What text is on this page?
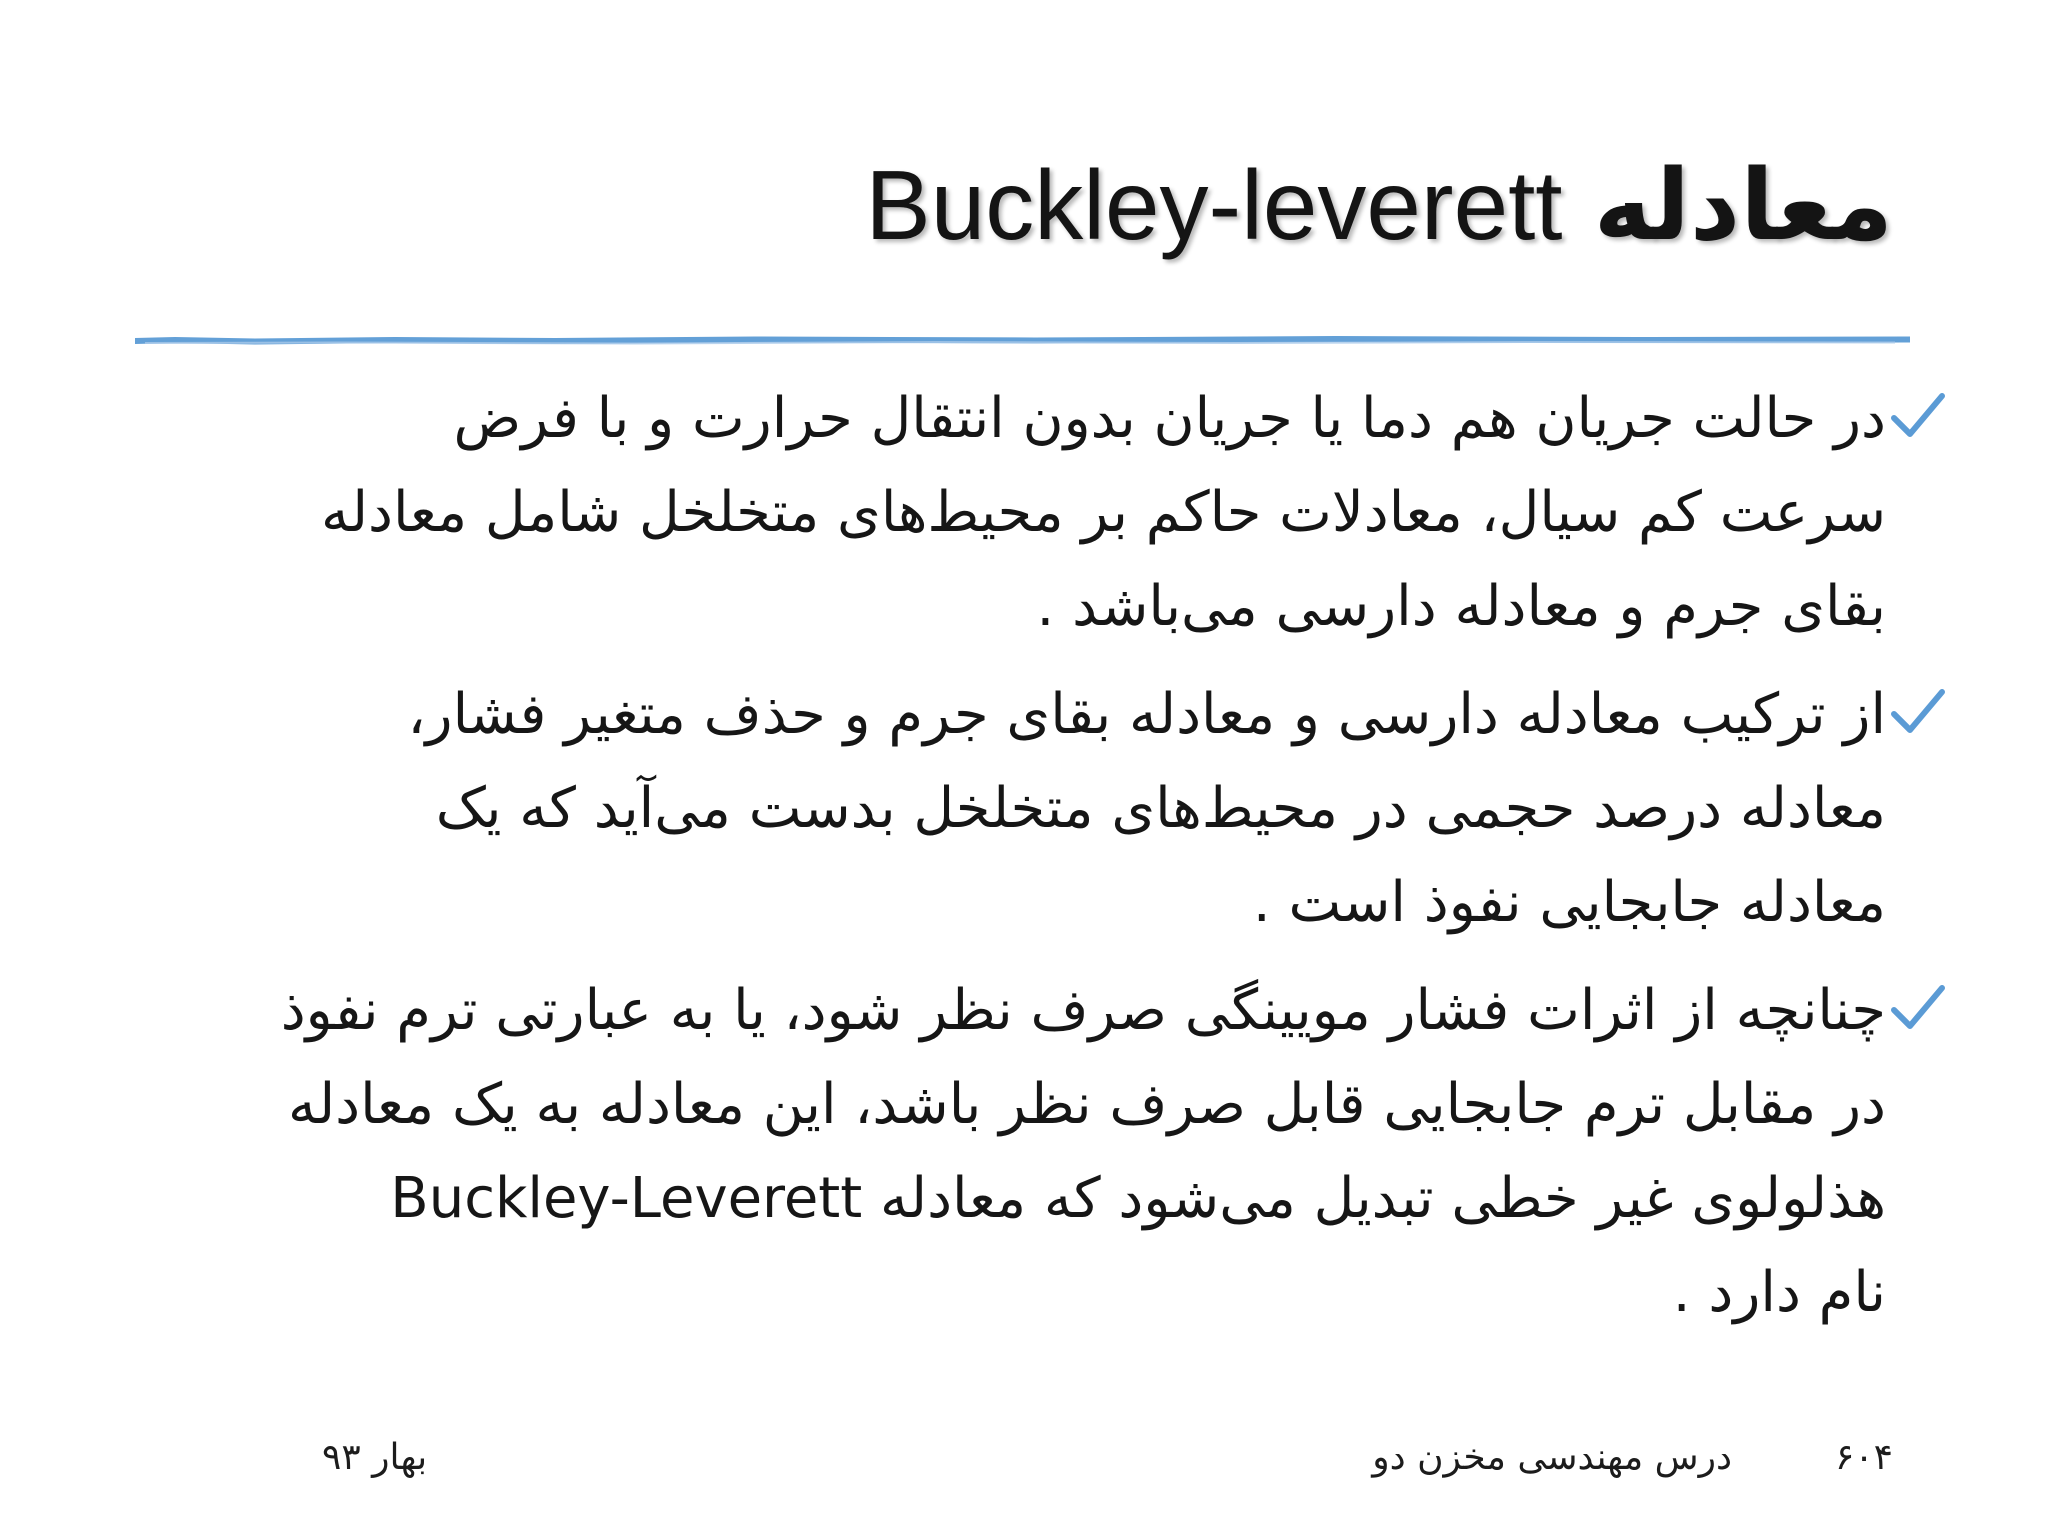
معادله Buckley-leverett
در حالت جریان هم دما یا جریان بدون انتقال حرارت و با فرض
سرعت کم سیال، معادلات حاکم بر محیط‌های متخلخل شامل معادله
بقای جرم و معادله دارسی می‌باشد .
از ترکیب معادله دارسی و معادله بقای جرم و حذف متغیر فشار،
معادله درصد حجمی در محیط‌های متخلخل بدست می‌آید که یک
معادله جابجایی نفوذ است .
چنانچه از اثرات فشار مویینگی صرف نظر شود، یا به عبارتی ترم نفوذ
در مقابل ترم جابجایی قابل صرف نظر باشد، این معادله به یک معادله
هذلولوی غیر خطی تبدیل می‌شود که معادله Buckley-Leverett
نام دارد .
۶۰۴
درس مهندسی مخزن دو
بهار ۹۳
